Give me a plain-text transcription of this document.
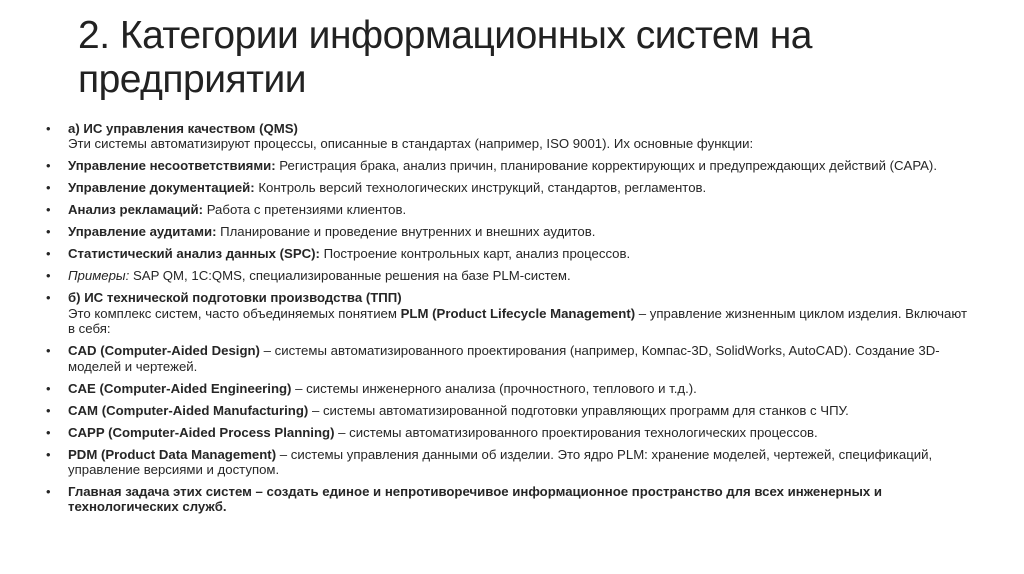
2. Категории информационных систем на
предприятии
• а) ИС управления качеством (QMS)
Эти системы автоматизируют процессы, описанные в стандартах (например, ISO 9001). Их основные функции:
• Управление несоответствиями: Регистрация брака, анализ причин, планирование корректирующих и предупреждающих действий (CAPA).
• Управление документацией: Контроль версий технологических инструкций, стандартов, регламентов.
• Анализ рекламаций: Работа с претензиями клиентов.
• Управление аудитами: Планирование и проведение внутренних и внешних аудитов.
• Статистический анализ данных (SPC): Построение контрольных карт, анализ процессов.
• Примеры: SAP QM, 1С:QMS, специализированные решения на базе PLM-систем.
• б) ИС технической подготовки производства (ТПП)
Это комплекс систем, часто объединяемых понятием PLM (Product Lifecycle Management) – управление жизненным циклом изделия. Включают в себя:
• CAD (Computer-Aided Design) – системы автоматизированного проектирования (например, Компас-3D, SolidWorks, AutoCAD). Создание 3D-моделей и чертежей.
• CAE (Computer-Aided Engineering) – системы инженерного анализа (прочностного, теплового и т.д.).
• CAM (Computer-Aided Manufacturing) – системы автоматизированной подготовки управляющих программ для станков с ЧПУ.
• CAPP (Computer-Aided Process Planning) – системы автоматизированного проектирования технологических процессов.
• PDM (Product Data Management) – системы управления данными об изделии. Это ядро PLM: хранение моделей, чертежей, спецификаций, управление версиями и доступом.
• Главная задача этих систем – создать единое и непротиворечивое информационное пространство для всех инженерных и технологических служб.
